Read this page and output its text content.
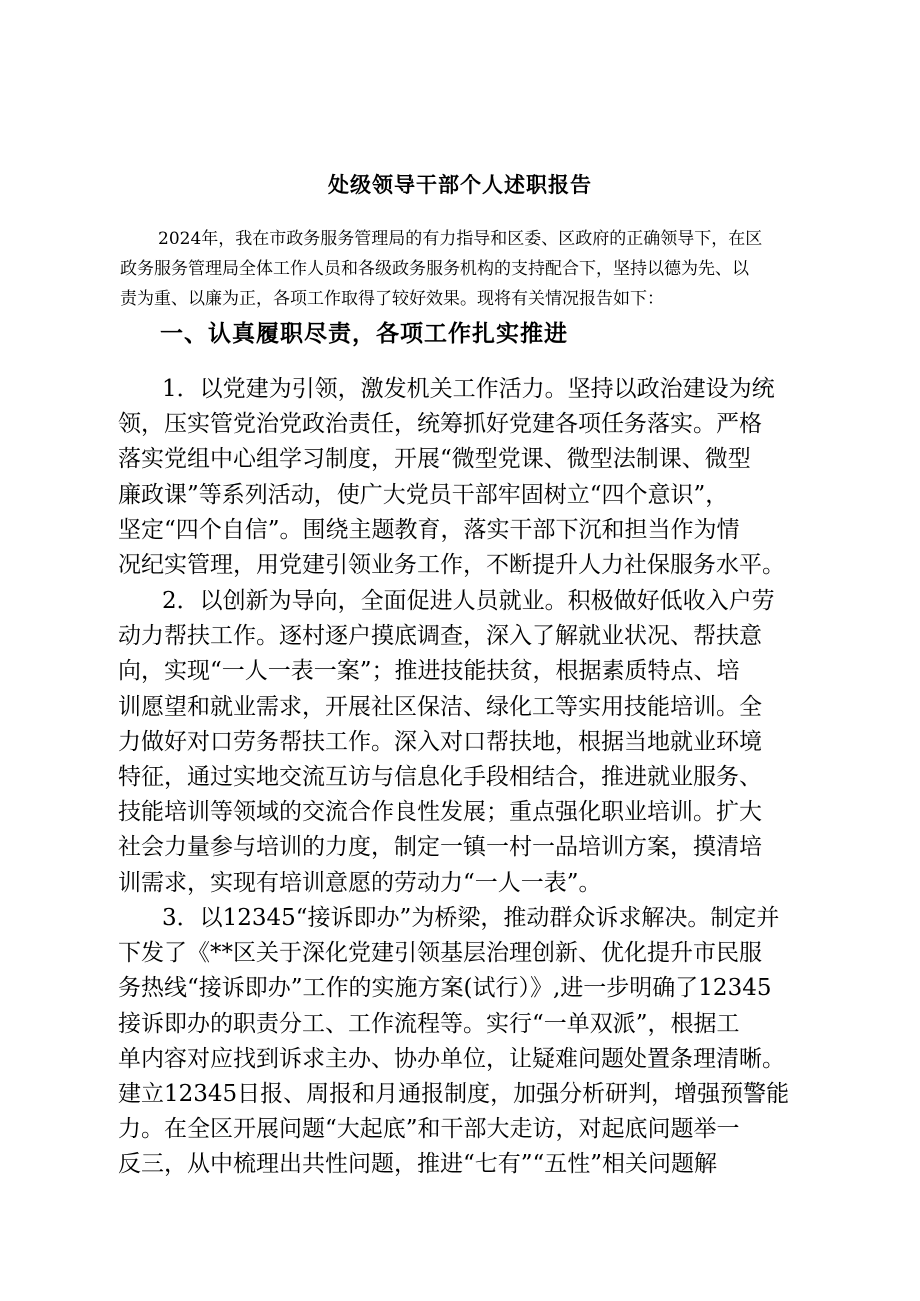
处级领导干部个人述职报告
2024年，我在市政务服务管理局的有力指导和区委、区政府的正确领导下，在区
政务服务管理局全体工作人员和各级政务服务机构的支持配合下，坚持以德为先、以
责为重、以廉为正，各项工作取得了较好效果。现将有关情况报告如下：
一、认真履职尽责，各项工作扎实推进
1．以党建为引领，激发机关工作活力。坚持以政治建设为统
领，压实管党治党政治责任，统筹抓好党建各项任务落实。严格
落实党组中心组学习制度，开展“微型党课、微型法制课、微型
廉政课”等系列活动，使广大党员干部牢固树立“四个意识”，
坚定“四个自信”。围绕主题教育，落实干部下沉和担当作为情
况纪实管理，用党建引领业务工作，不断提升人力社保服务水平。
2．以创新为导向，全面促进人员就业。积极做好低收入户劳
动力帮扶工作。逐村逐户摸底调查，深入了解就业状况、帮扶意
向，实现“一人一表一案”；推进技能扶贫，根据素质特点、培
训愿望和就业需求，开展社区保洁、绿化工等实用技能培训。全
力做好对口劳务帮扶工作。深入对口帮扶地，根据当地就业环境
特征，通过实地交流互访与信息化手段相结合，推进就业服务、
技能培训等领域的交流合作良性发展；重点强化职业培训。扩大
社会力量参与培训的力度，制定一镇一村一品培训方案，摸清培
训需求，实现有培训意愿的劳动力“一人一表”。
3．以12345“接诉即办”为桥梁，推动群众诉求解决。制定并
下发了《**区关于深化党建引领基层治理创新、优化提升市民服
务热线“接诉即办”工作的实施方案(试行）》,进一步明确了12345
接诉即办的职责分工、工作流程等。实行“一单双派”，根据工
单内容对应找到诉求主办、协办单位，让疑难问题处置条理清晰。
建立12345日报、周报和月通报制度，加强分析研判，增强预警能
力。在全区开展问题“大起底”和干部大走访，对起底问题举一
反三，从中梳理出共性问题，推进“七有”“五性”相关问题解
